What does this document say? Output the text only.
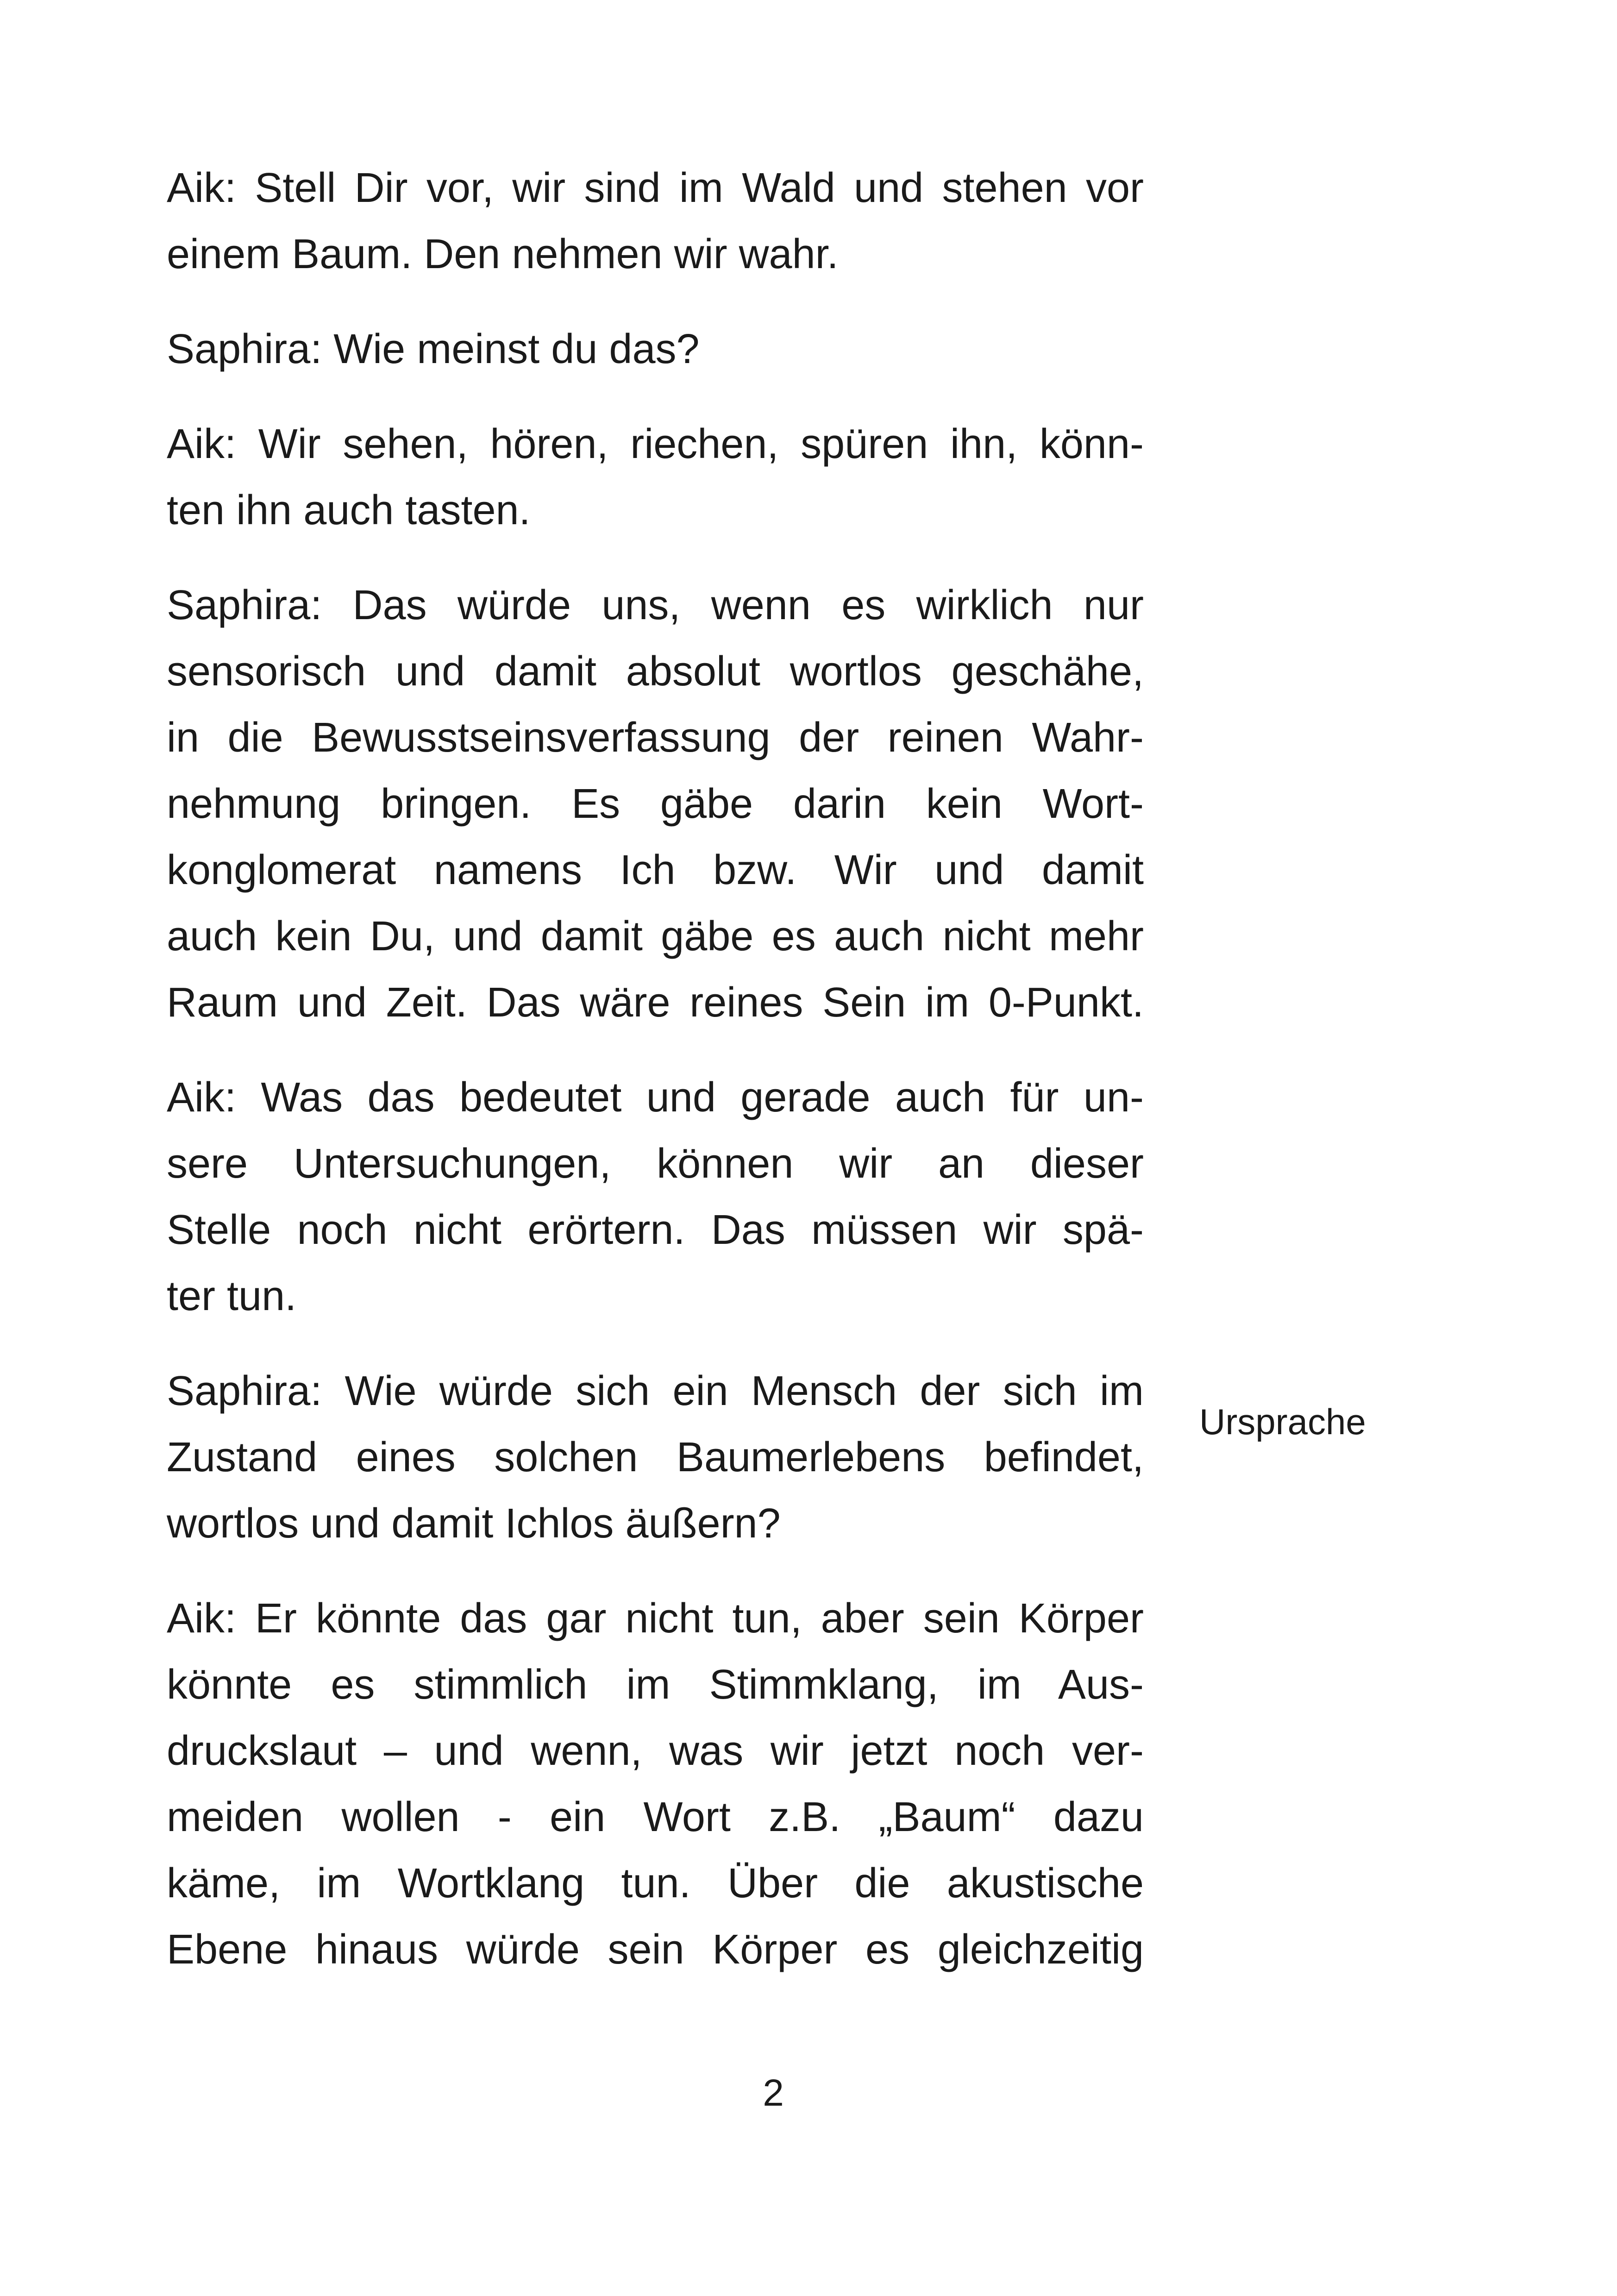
Aik: Stell Dir vor, wir sind im Wald und stehen vor
einem Baum. Den nehmen wir wahr.
Saphira: Wie meinst du das?
Aik: Wir sehen, hören, riechen, spüren ihn, könn-
ten ihn auch tasten.
Saphira: Das würde uns, wenn es wirklich nur
sensorisch und damit absolut wortlos geschähe,
in die Bewusstseinsverfassung der reinen Wahr-
nehmung bringen. Es gäbe darin kein Wort-
konglomerat namens Ich bzw. Wir und damit
auch kein Du, und damit gäbe es auch nicht mehr
Raum und Zeit. Das wäre reines Sein im 0-Punkt.
Aik: Was das bedeutet und gerade auch für un-
sere Untersuchungen, können wir an dieser
Stelle noch nicht erörtern. Das müssen wir spä-
ter tun.
Saphira: Wie würde sich ein Mensch der sich im
Zustand eines solchen Baumerlebens befindet,
wortlos und damit Ichlos äußern?
Aik: Er könnte das gar nicht tun, aber sein Körper
könnte es stimmlich im Stimmklang, im Aus-
druckslaut – und wenn, was wir jetzt noch ver-
meiden wollen - ein Wort z.B. „Baum“ dazu
käme, im Wortklang tun. Über die akustische
Ebene hinaus würde sein Körper es gleichzeitig
Ursprache
2
